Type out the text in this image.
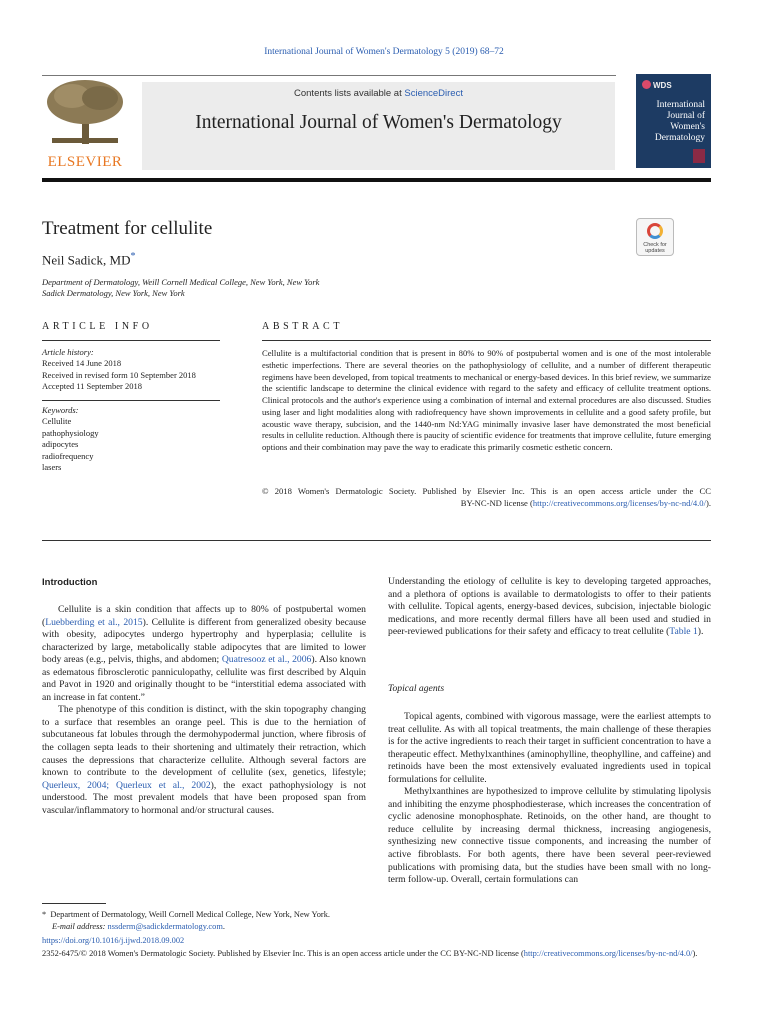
International Journal of Women's Dermatology 5 (2019) 68–72
ELSEVIER
Contents lists available at ScienceDirect
International Journal of Women's Dermatology
WDS
International
Journal of
Women's
Dermatology
Treatment for cellulite
Neil Sadick, MD*
Department of Dermatology, Weill Cornell Medical College, New York, New York
Sadick Dermatology, New York, New York
Check for
updates
ARTICLE INFO	ABSTRACT
Article history:
Received 14 June 2018
Received in revised form 10 September 2018
Accepted 11 September 2018
Keywords:
Cellulite
pathophysiology
adipocytes
radiofrequency
lasers
Cellulite is a multifactorial condition that is present in 80% to 90% of postpubertal women and is one of the most intolerable esthetic imperfections. There are several theories on the pathophysiology of cellulite, and a number of different therapeutic regimens have been developed, from topical treatments to mechanical or energy-based devices. In this brief review, we summarize the scientific landscape to determine the clinical evidence with regard to the safety and efficacy of cellulite treatment options. Clinical protocols and the author's experience using a combination of internal and external procedures are also discussed. Studies using laser and light modalities along with radiofrequency have shown improvements in cellulite and a good safety profile, but acoustic wave therapy, subcision, and the 1440-nm Nd:YAG minimally invasive laser have demonstrated the most beneficial results in cellulite reduction. Although there is paucity of scientific evidence for treatments that improve cellulite, future emerging options and their combination may pave the way to eradicate this primarily cosmetic esthetic concern.
© 2018 Women's Dermatologic Society. Published by Elsevier Inc. This is an open access article under the CC
BY-NC-ND license (http://creativecommons.org/licenses/by-nc-nd/4.0/).
Introduction

Cellulite is a skin condition that affects up to 80% of postpubertal women (Luebberding et al., 2015). Cellulite is different from generalized obesity because with obesity, adipocytes undergo hypertrophy and hyperplasia; cellulite is characterized by large, metabolically stable adipocytes that are limited to lower body areas (e.g., pelvis, thighs, and abdomen; Quatresooz et al., 2006). Also known as edematous fibrosclerotic panniculopathy, cellulite was first described by Alquin and Pavot in 1920 and originally thought to be “interstitial edema associated with an increase in fat content.”

The phenotype of this condition is distinct, with the skin topography changing to a surface that resembles an orange peel. This is due to the herniation of subcutaneous fat lobules through the dermohypodermal junction, where fibrosis of the collagen septa leads to their shortening and ultimately their retraction, which causes the depressions that characterize cellulite. Although several factors are known to contribute to the development of cellulite (sex, genetics, lifestyle; Querleux, 2004; Querleux et al., 2002), the exact pathophysiology is not understood. The most prevalent models that have been proposed span from vascular/inflammatory to hormonal and/or structural causes.

Understanding the etiology of cellulite is key to developing targeted approaches, and a plethora of options is available to dermatologists to offer to their patients with cellulite. Topical agents, energy-based devices, subcision, injectable biologic medications, and more recently dermal fillers have all been used and studied in peer-reviewed publications for their safety and efficacy to treat cellulite (Table 1).

Topical agents

Topical agents, combined with vigorous massage, were the earliest attempts to treat cellulite. As with all topical treatments, the main challenge of these therapies is for the active ingredients to reach their target in sufficient concentration to have a therapeutic effect. Methylxanthines (aminophylline, theophylline, and caffeine) and retinoids have been the most extensively evaluated ingredients used in topical formulations for cellulite.

Methylxanthines are hypothesized to improve cellulite by stimulating lipolysis and inhibiting the enzyme phosphodiesterase, which increases the concentration of cyclic adenosine monophosphate. Retinoids, on the other hand, are thought to reduce cellulite by increasing dermal thickness, increasing angiogenesis, synthesizing new connective tissue components, and increasing the number of active fibroblasts. For both agents, there have been several peer-reviewed publications with promising data, but the studies have been small with no long-term follow-up. Overall, certain formulations can

* Department of Dermatology, Weill Cornell Medical College, New York, New York.
E-mail address: nssderm@sadickdermatology.com.
https://doi.org/10.1016/j.ijwd.2018.09.002
2352-6475/© 2018 Women's Dermatologic Society. Published by Elsevier Inc. This is an open access article under the CC BY-NC-ND license (http://creativecommons.org/licenses/by-nc-nd/4.0/).
